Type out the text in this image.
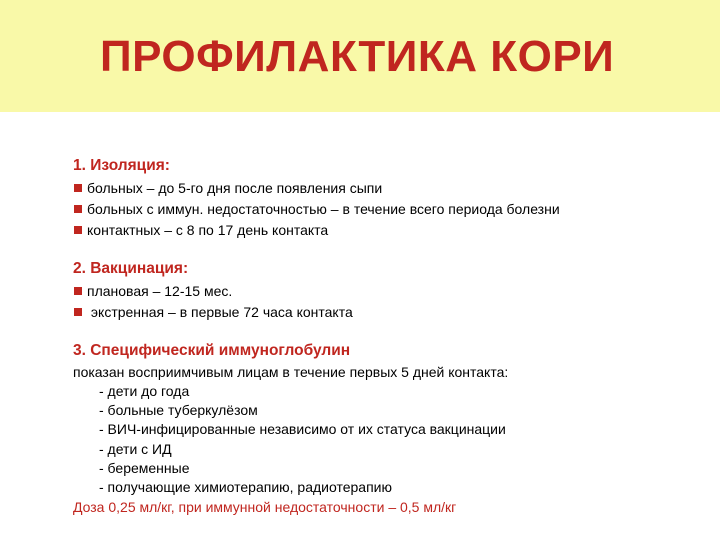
ПРОФИЛАКТИКА КОРИ
1. Изоляция:
больных – до 5-го дня после появления сыпи
больных с иммун. недостаточностью – в течение всего периода болезни
контактных – с 8 по 17 день контакта
2. Вакцинация:
плановая – 12-15 мес.
экстренная – в первые 72 часа контакта
3. Специфический иммуноглобулин
показан восприимчивым лицам в течение первых 5 дней контакта:
- дети до года
- больные туберкулёзом
- ВИЧ-инфицированные независимо от их статуса вакцинации
- дети с ИД
- беременные
- получающие химиотерапию, радиотерапию
Доза 0,25 мл/кг, при иммунной недостаточности – 0,5 мл/кг
